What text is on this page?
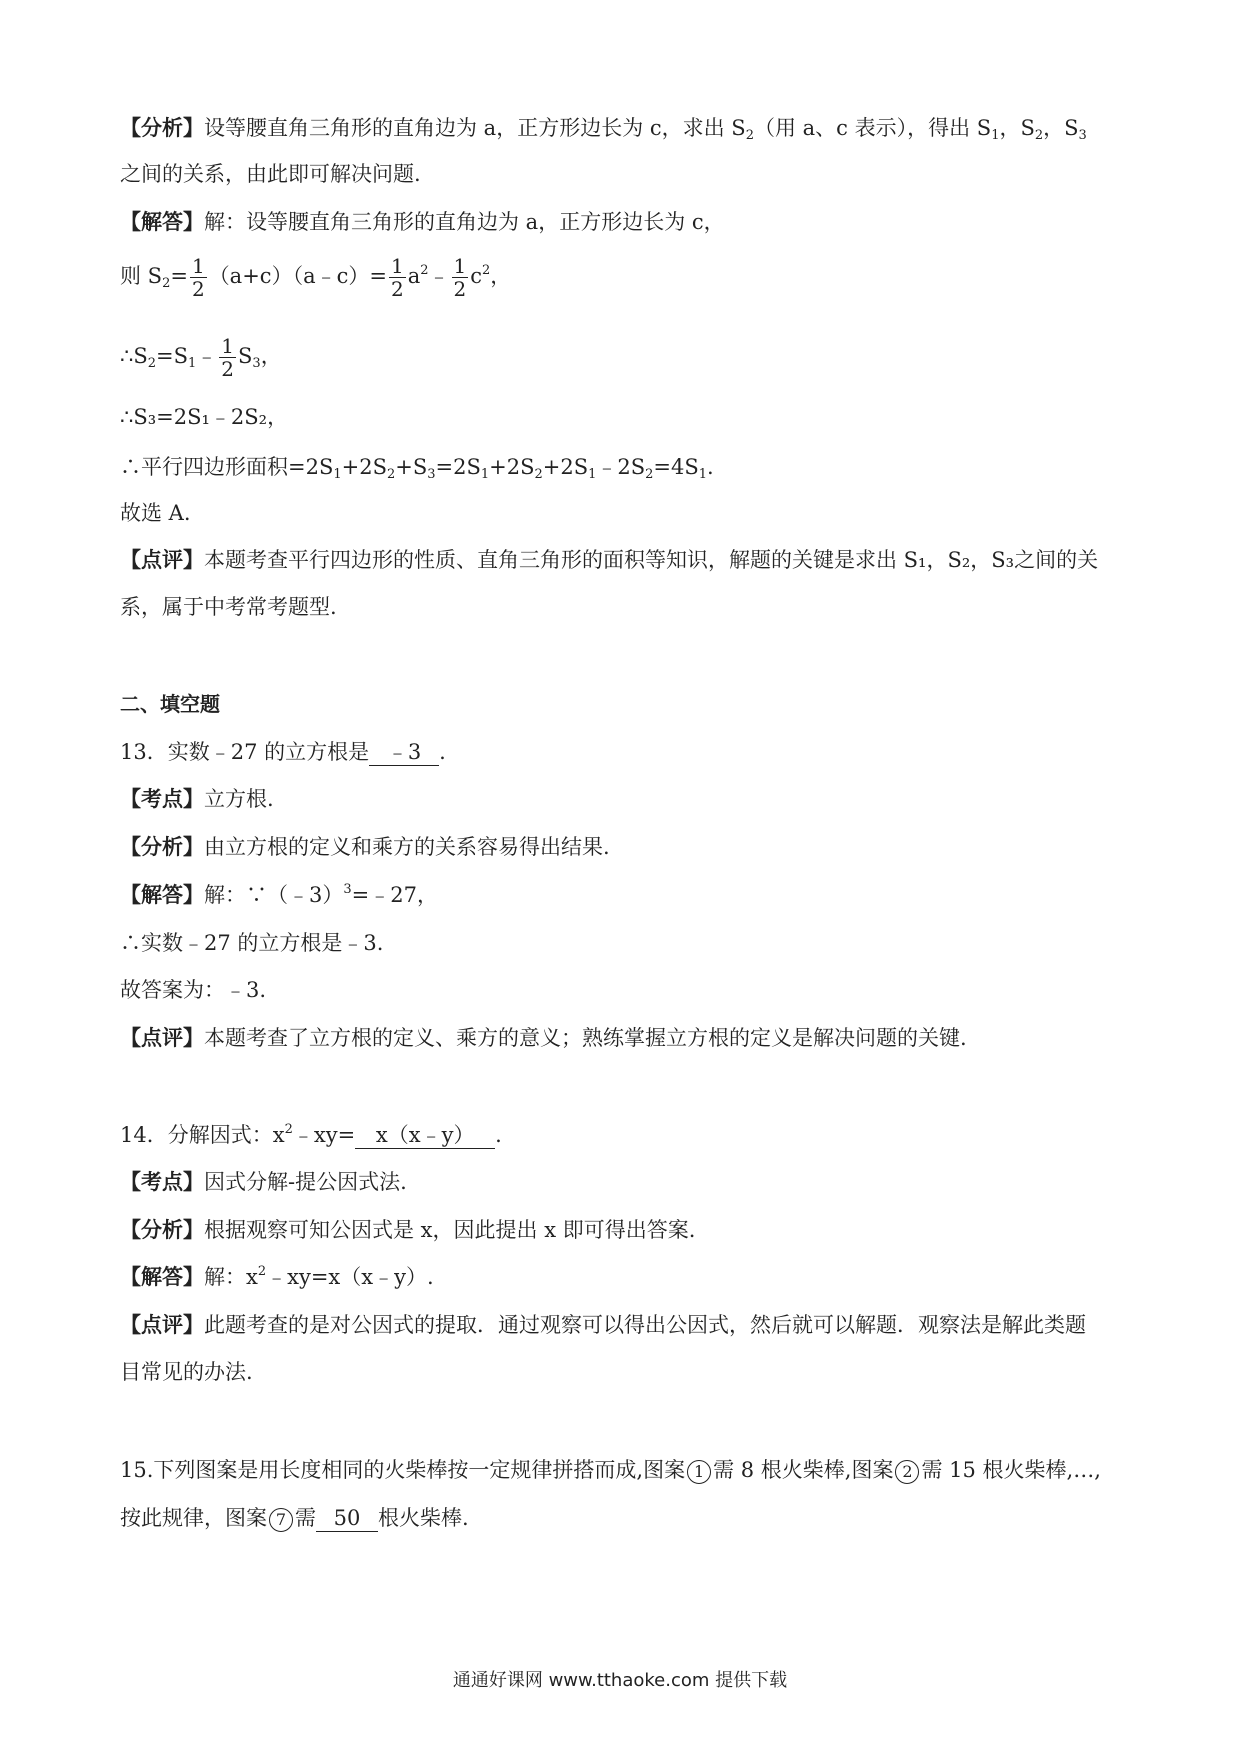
【分析】设等腰直角三角形的直角边为 a，正方形边长为 c，求出 $S_2$（用 a、c 表示），得出 $S_1$，$S_2$，$S_3$
之间的关系，由此即可解决问题.
【解答】解：设等腰直角三角形的直角边为 a，正方形边长为 c，
则 $S_2= \frac{1}{2}$ （a+c）（a﹣c）= $\frac{1}{2}$ $a^2﹣ \frac{1}{2} c^2$，
$\therefore S_2=S_1﹣ \frac{1}{2} S_3$，
∴S₃=2S₁﹣2S₂，
∴平行四边形面积$=2S_1+2S_2+S_3=2S_1+2S_2+2S_1﹣2S_2=4S_1$.
故选 A.
【点评】本题考查平行四边形的性质、直角三角形的面积等知识，解题的关键是求出 S₁，S₂，S₃之间的关
系，属于中考常考题型.
二、填空题
13．实数﹣27 的立方根是 ﹣3 .
【考点】立方根.
【分析】由立方根的定义和乘方的关系容易得出结果.
【解答】解：∵（﹣3）$^3$=﹣27，
∴实数﹣27 的立方根是﹣3.
故答案为：﹣3.
【点评】本题考查了立方根的定义、乘方的意义；熟练掌握立方根的定义是解决问题的关键.
14．分解因式：$x^2﹣xy=$ x（x﹣y） .
【考点】因式分解-提公因式法.
【分析】根据观察可知公因式是 x，因此提出 x 即可得出答案.
【解答】解：$x^2﹣xy=x(x﹣y)$.
【点评】此题考查的是对公因式的提取．通过观察可以得出公因式，然后就可以解题．观察法是解此类题
目常见的办法.
15.下列图案是用长度相同的火柴棒按一定规律拼搭而成,图案 1 需 8 根火柴棒,图案 2 需 15 根火柴棒,…,
按此规律，图案 7 需 50 根火柴棒.
通通好课网 www.tthaoke.com 提供下载
